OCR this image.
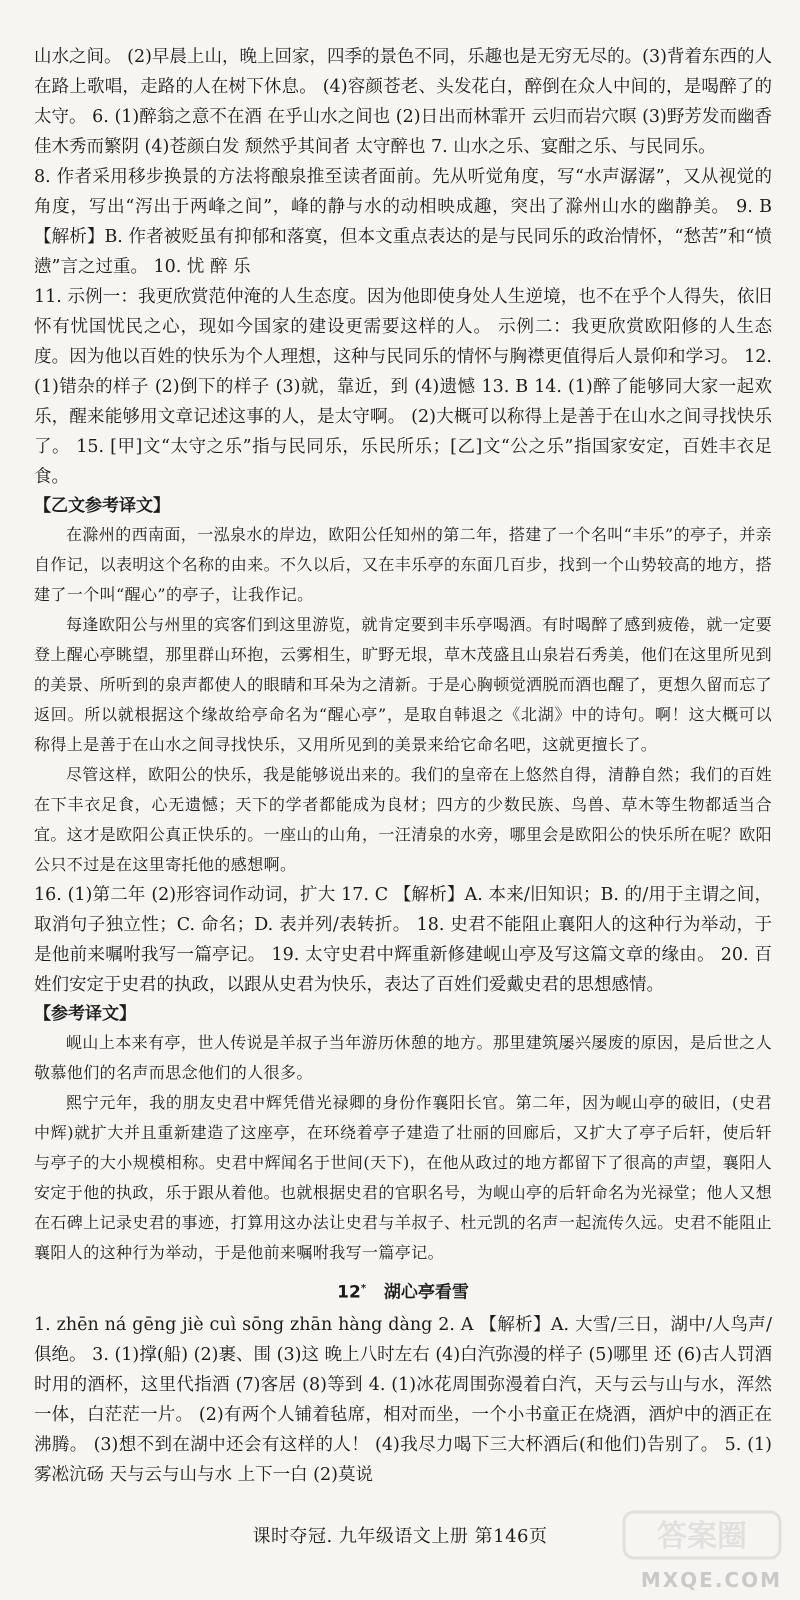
山水之间。 (2)早晨上山，晚上回家，四季的景色不同，乐趣也是无穷无尽的。(3)背着东西的人在路上歌唱，走路的人在树下休息。 (4)容颜苍老、头发花白，醉倒在众人中间的，是喝醉了的太守。 6. (1)醉翁之意不在酒 在乎山水之间也 (2)日出而林霏开 云归而岩穴暝 (3)野芳发而幽香 佳木秀而繁阴 (4)苍颜白发 颓然乎其间者 太守醉也 7. 山水之乐、宴酣之乐、与民同乐。

8. 作者采用移步换景的方法将酿泉推至读者面前。先从听觉角度，写“水声潺潺”，又从视觉的角度，写出“泻出于两峰之间”，峰的静与水的动相映成趣，突出了滁州山水的幽静美。 9. B 【解析】B. 作者被贬虽有抑郁和落寞，但本文重点表达的是与民同乐的政治情怀，“愁苦”和“愤懑”言之过重。 10. 忧 醉 乐

11. 示例一：我更欣赏范仲淹的人生态度。因为他即使身处人生逆境，也不在乎个人得失，依旧怀有忧国忧民之心，现如今国家的建设更需要这样的人。 示例二：我更欣赏欧阳修的人生态度。因为他以百姓的快乐为个人理想，这种与民同乐的情怀与胸襟更值得后人景仰和学习。 12. (1)错杂的样子 (2)倒下的样子 (3)就，靠近，到 (4)遗憾 13. B 14. (1)醉了能够同大家一起欢乐，醒来能够用文章记述这事的人，是太守啊。 (2)大概可以称得上是善于在山水之间寻找快乐了。 15. [甲]文“太守之乐”指与民同乐，乐民所乐；[乙]文“公之乐”指国家安定，百姓丰衣足食。

【乙文参考译文】

在滁州的西南面，一泓泉水的岸边，欧阳公任知州的第二年，搭建了一个名叫“丰乐”的亭子，并亲自作记，以表明这个名称的由来。不久以后，又在丰乐亭的东面几百步，找到一个山势较高的地方，搭建了一个叫“醒心”的亭子，让我作记。

每逢欧阳公与州里的宾客们到这里游览，就肯定要到丰乐亭喝酒。有时喝醉了感到疲倦，就一定要登上醒心亭眺望，那里群山环抱，云雾相生，旷野无垠，草木茂盛且山泉岩石秀美，他们在这里所见到的美景、所听到的泉声都使人的眼睛和耳朵为之清新。于是心胸顿觉洒脱而酒也醒了，更想久留而忘了返回。所以就根据这个缘故给亭命名为“醒心亭”，是取自韩退之《北湖》中的诗句。啊！这大概可以称得上是善于在山水之间寻找快乐，又用所见到的美景来给它命名吧，这就更擅长了。

尽管这样，欧阳公的快乐，我是能够说出来的。我们的皇帝在上悠然自得，清静自然；我们的百姓在下丰衣足食，心无遗憾；天下的学者都能成为良材；四方的少数民族、鸟兽、草木等生物都适当合宜。这才是欧阳公真正快乐的。一座山的山角，一汪清泉的水旁，哪里会是欧阳公的快乐所在呢？欧阳公只不过是在这里寄托他的感想啊。

16. (1)第二年 (2)形容词作动词，扩大 17. C 【解析】A. 本来/旧知识；B. 的/用于主谓之间，取消句子独立性；C. 命名；D. 表并列/表转折。 18. 史君不能阻止襄阳人的这种行为举动，于是他前来嘱咐我写一篇亭记。 19. 太守史君中辉重新修建岘山亭及写这篇文章的缘由。 20. 百姓们安定于史君的执政，以跟从史君为快乐，表达了百姓们爱戴史君的思想感情。

【参考译文】

岘山上本来有亭，世人传说是羊叔子当年游历休憩的地方。那里建筑屡兴屡废的原因，是后世之人敬慕他们的名声而思念他们的人很多。

熙宁元年，我的朋友史君中辉凭借光禄卿的身份作襄阳长官。第二年，因为岘山亭的破旧，(史君中辉)就扩大并且重新建造了这座亭，在环绕着亭子建造了壮丽的回廊后，又扩大了亭子后轩，使后轩与亭子的大小规模相称。史君中辉闻名于世间(天下)，在他从政过的地方都留下了很高的声望，襄阳人安定于他的执政，乐于跟从着他。也就根据史君的官职名号，为岘山亭的后轩命名为光禄堂；他人又想在石碑上记录史君的事迹，打算用这办法让史君与羊叔子、杜元凯的名声一起流传久远。史君不能阻止襄阳人的这种行为举动，于是他前来嘱咐我写一篇亭记。

12* 湖心亭看雪

1. zhēn ná gēng jiè cuì sōng zhān hàng dàng 2. A 【解析】A. 大雪/三日，湖中/人鸟声/俱绝。 3. (1)撑(船) (2)裹、围 (3)这 晚上八时左右 (4)白汽弥漫的样子 (5)哪里 还 (6)古人罚酒时用的酒杯，这里代指酒 (7)客居 (8)等到 4. (1)冰花周围弥漫着白汽，天与云与山与水，浑然一体，白茫茫一片。 (2)有两个人铺着毡席，相对而坐，一个小书童正在烧酒，酒炉中的酒正在沸腾。 (3)想不到在湖中还会有这样的人！ (4)我尽力喝下三大杯酒后(和他们)告别了。 5. (1)雾凇沆砀 天与云与山与水 上下一白 (2)莫说

课时夺冠. 九年级语文上册 第146页	答案圈
MXQE.COM
